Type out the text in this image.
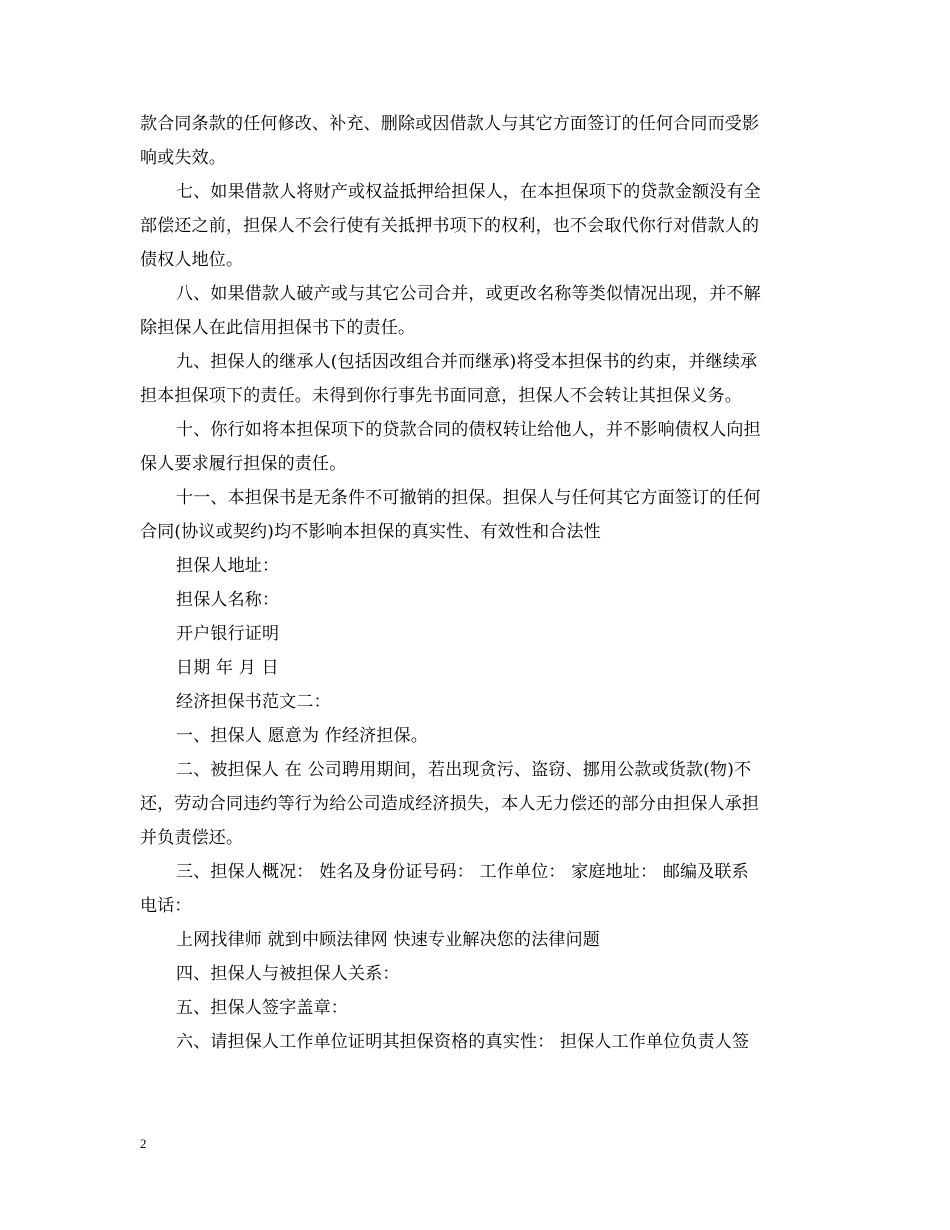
款合同条款的任何修改、补充、删除或因借款人与其它方面签订的任何合同而受影
响或失效。
七、如果借款人将财产或权益抵押给担保人，在本担保项下的贷款金额没有全
部偿还之前，担保人不会行使有关抵押书项下的权利，也不会取代你行对借款人的
债权人地位。
八、如果借款人破产或与其它公司合并，或更改名称等类似情况出现，并不解
除担保人在此信用担保书下的责任。
九、担保人的继承人(包括因改组合并而继承)将受本担保书的约束，并继续承
担本担保项下的责任。未得到你行事先书面同意，担保人不会转让其担保义务。
十、你行如将本担保项下的贷款合同的债权转让给他人，并不影响债权人向担
保人要求履行担保的责任。
十一、本担保书是无条件不可撤销的担保。担保人与任何其它方面签订的任何
合同(协议或契约)均不影响本担保的真实性、有效性和合法性
担保人地址：
担保人名称：
开户银行证明
日期 年 月 日
经济担保书范文二：
一、担保人 愿意为 作经济担保。
二、被担保人 在 公司聘用期间，若出现贪污、盗窃、挪用公款或货款(物)不
还，劳动合同违约等行为给公司造成经济损失，本人无力偿还的部分由担保人承担
并负责偿还。
三、担保人概况： 姓名及身份证号码： 工作单位： 家庭地址： 邮编及联系
电话：
上网找律师 就到中顾法律网 快速专业解决您的法律问题
四、担保人与被担保人关系：
五、担保人签字盖章：
六、请担保人工作单位证明其担保资格的真实性： 担保人工作单位负责人签
2
